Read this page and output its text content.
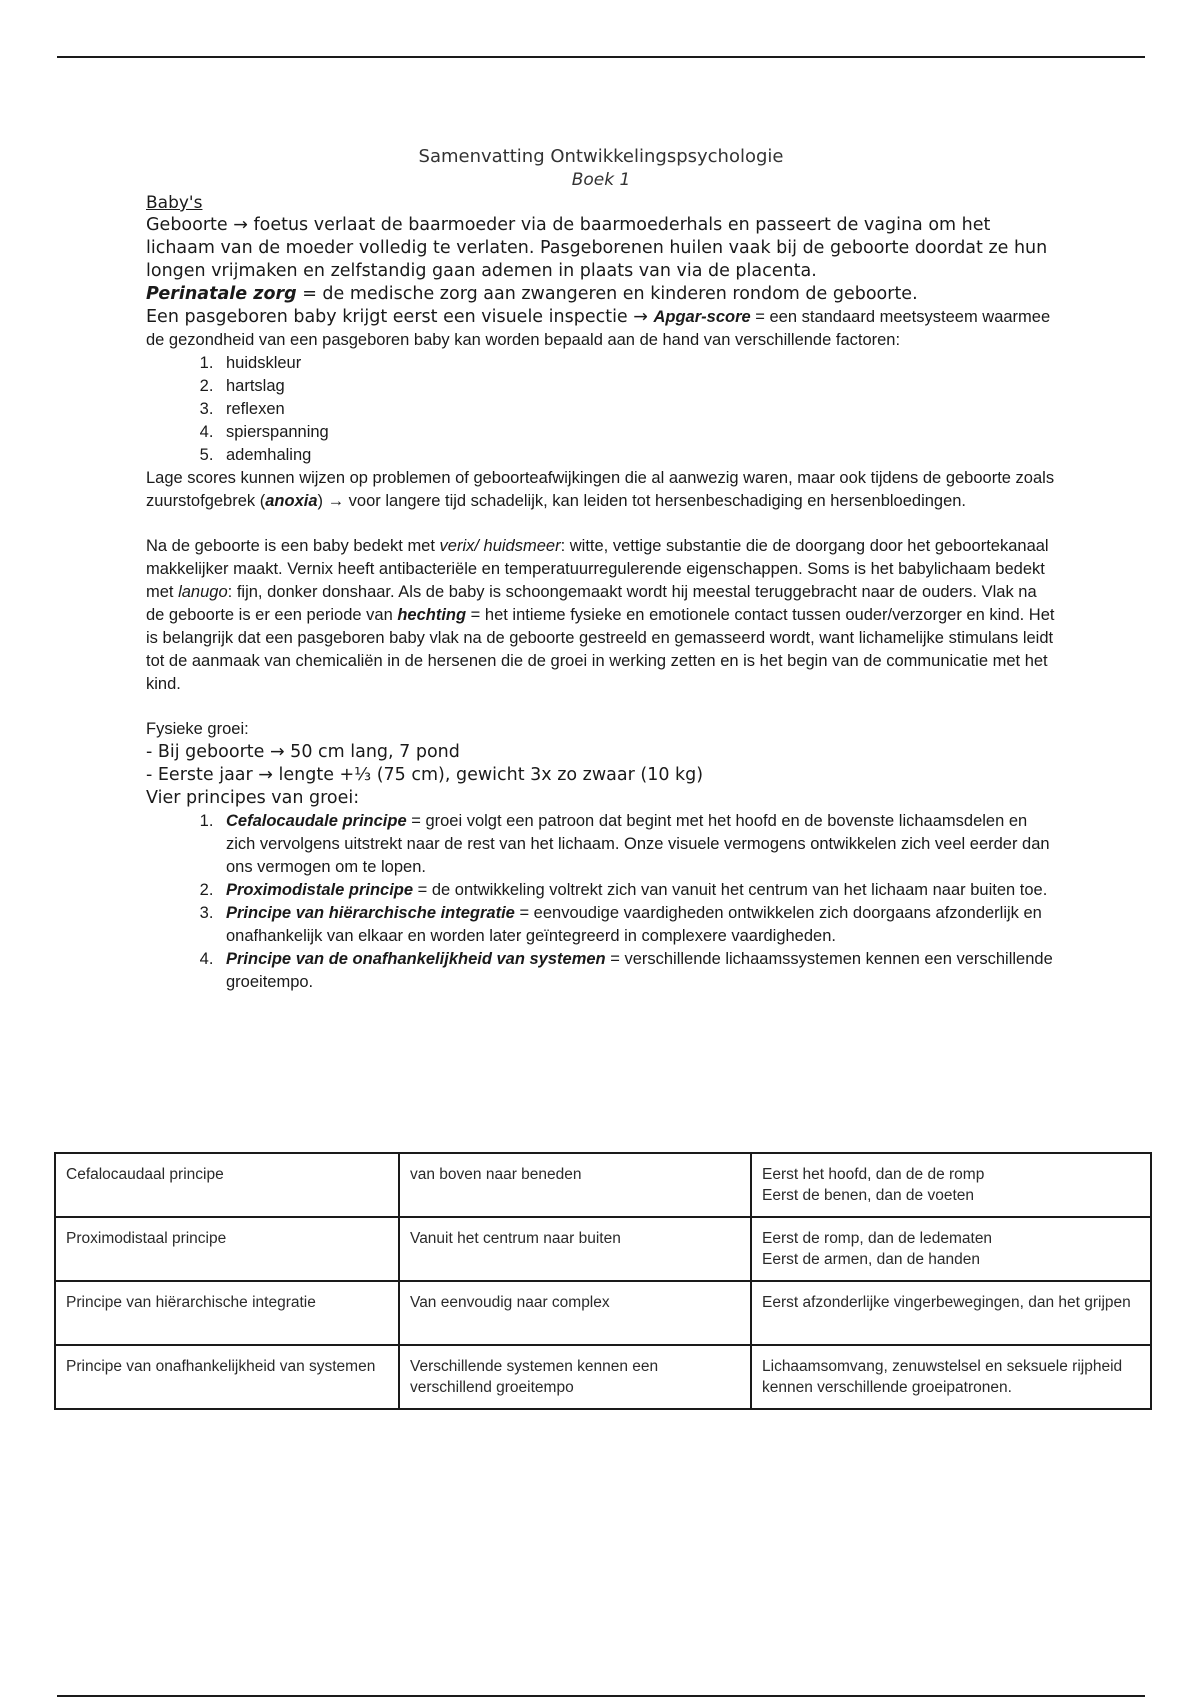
Samenvatting Ontwikkelingspsychologie
Boek 1
Baby's

Geboorte → foetus verlaat de baarmoeder via de baarmoederhals en passeert de vagina om het lichaam van de moeder volledig te verlaten. Pasgeborenen huilen vaak bij de geboorte doordat ze hun longen vrijmaken en zelfstandig gaan ademen in plaats van via de placenta.

Perinatale zorg = de medische zorg aan zwangeren en kinderen rondom de geboorte.

Een pasgeboren baby krijgt eerst een visuele inspectie → Apgar-score = een standaard meetsysteem waarmee de gezondheid van een pasgeboren baby kan worden bepaald aan de hand van verschillende factoren:

1. huidskleur
2. hartslag
3. reflexen
4. spierspanning
5. ademhaling

Lage scores kunnen wijzen op problemen of geboorteafwijkingen die al aanwezig waren, maar ook tijdens de geboorte zoals zuurstofgebrek (anoxia) → voor langere tijd schadelijk, kan leiden tot hersenbeschadiging en hersenbloedingen.

Na de geboorte is een baby bedekt met verix/ huidsmeer: witte, vettige substantie die de doorgang door het geboortekanaal makkelijker maakt. Vernix heeft antibacteriële en temperatuurregulerende eigenschappen. Soms is het babylichaam bedekt met lanugo: fijn, donker donshaar. Als de baby is schoongemaakt wordt hij meestal teruggebracht naar de ouders. Vlak na de geboorte is er een periode van hechting = het intieme fysieke en emotionele contact tussen ouder/verzorger en kind. Het is belangrijk dat een pasgeboren baby vlak na de geboorte gestreeld en gemasseerd wordt, want lichamelijke stimulans leidt tot de aanmaak van chemicaliën in de hersenen die de groei in werking zetten en is het begin van de communicatie met het kind.

Fysieke groei:

- Bij geboorte → 50 cm lang, 7 pond

- Eerste jaar → lengte +⅓ (75 cm), gewicht 3x zo zwaar (10 kg)

Vier principes van groei:

1. Cefalocaudale principe = groei volgt een patroon dat begint met het hoofd en de bovenste lichaamsdelen en zich vervolgens uitstrekt naar de rest van het lichaam. Onze visuele vermogens ontwikkelen zich veel eerder dan ons vermogen om te lopen.
2. Proximodistale principe = de ontwikkeling voltrekt zich van vanuit het centrum van het lichaam naar buiten toe.
3. Principe van hiërarchische integratie = eenvoudige vaardigheden ontwikkelen zich doorgaans afzonderlijk en onafhankelijk van elkaar en worden later geïntegreerd in complexere vaardigheden.
4. Principe van de onafhankelijkheid van systemen = verschillende lichaamssystemen kennen een verschillende groeitempo.
Cefalocaudaal principe	van boven naar beneden	Eerst het hoofd, dan de de romp
Eerst de benen, dan de voeten

Proximodistaal principe	Vanuit het centrum naar buiten	Eerst de romp, dan de ledematen
Eerst de armen, dan de handen

Principe van hiërarchische integratie	Van eenvoudig naar complex	Eerst afzonderlijke vingerbewegingen, dan het grijpen

Principe van onafhankelijkheid van systemen	Verschillende systemen kennen een verschillend groeitempo	Lichaamsomvang, zenuwstelsel en seksuele rijpheid kennen verschillende groeipatronen.
